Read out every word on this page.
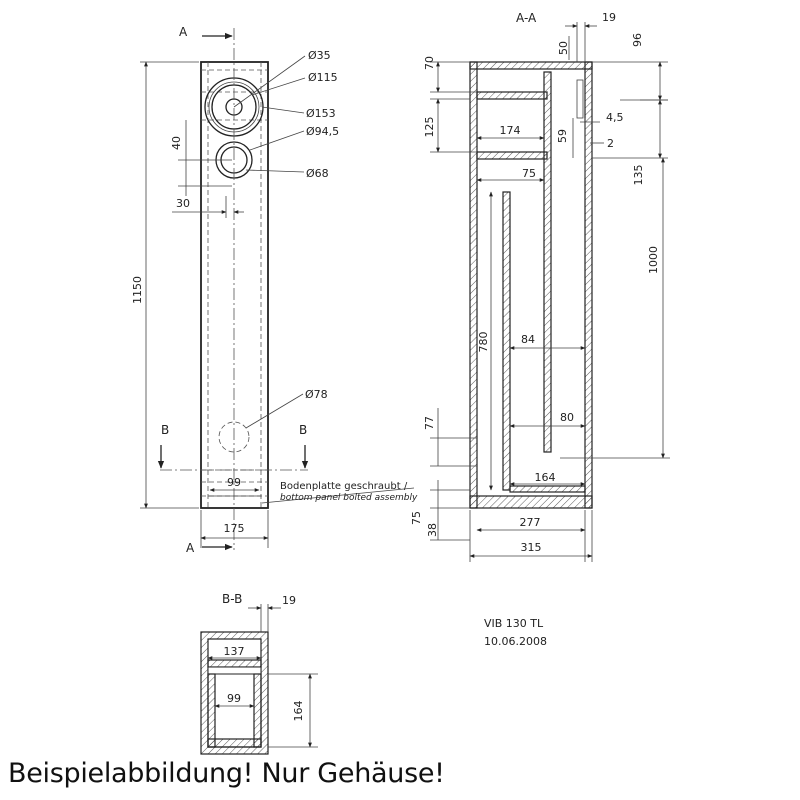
Ø35
Ø115
Ø153
Ø94,5
Ø68
Ø78
40
30
1150
99
175
A
A
B	B
Bodenplatte geschraubt /
bottom panel bolted assembly
A-A	19
50
96
70
125	174
4,5
59
2
135
75
1000
780	84
80
77
164
75
38
277
315
B-B	19
137
99
164
VIB 130 TL
10.06.2008
Beispielabbildung! Nur Gehäuse!
